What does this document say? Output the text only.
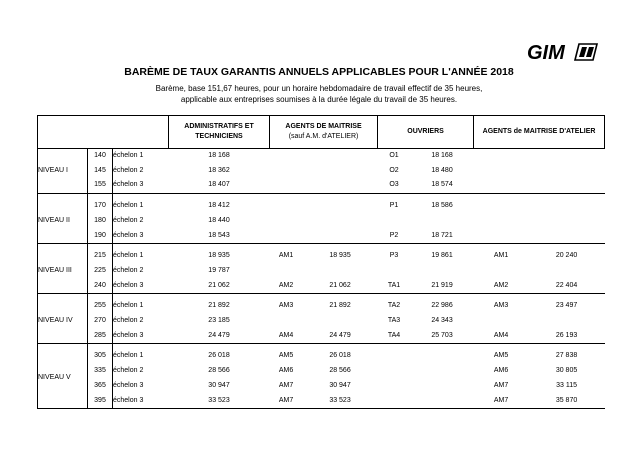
GIM
BARÈME DE TAUX GARANTIS ANNUELS APPLICABLES POUR L'ANNÉE 2018
Barème, base 151,67 heures, pour un horaire hebdomadaire de travail effectif de 35 heures,
applicable aux entreprises soumises à la durée légale du travail de 35 heures.
			ADMINISTRATIFS ET
TECHNICIENS	AGENTS DE MAITRISE
(sauf A.M. d'ATELIER)		OUVRIERS		AGENTS de MAITRISE D'ATELIER	
NIVEAU I	140	échelon 1	18 168			O1	18 168		
	145	échelon 2	18 362			O2	18 480		
	155	échelon 3	18 407			O3	18 574		
NIVEAU II	170	échelon 1	18 412			P1	18 586		
	180	échelon 2	18 440						
	190	échelon 3	18 543			P2	18 721		
NIVEAU III	215	échelon 1	18 935	AM1	18 935	P3	19 861	AM1	20 240
	225	échelon 2	19 787						
	240	échelon 3	21 062	AM2	21 062	TA1	21 919	AM2	22 404
NIVEAU IV	255	échelon 1	21 892	AM3	21 892	TA2	22 986	AM3	23 497
	270	échelon 2	23 185			TA3	24 343		
	285	échelon 3	24 479	AM4	24 479	TA4	25 703	AM4	26 193
NIVEAU V	305	échelon 1	26 018	AM5	26 018			AM5	27 838
	335	échelon 2	28 566	AM6	28 566			AM6	30 805
	365	échelon 3	30 947	AM7	30 947			AM7	33 115
	395	échelon 3	33 523	AM7	33 523			AM7	35 870
